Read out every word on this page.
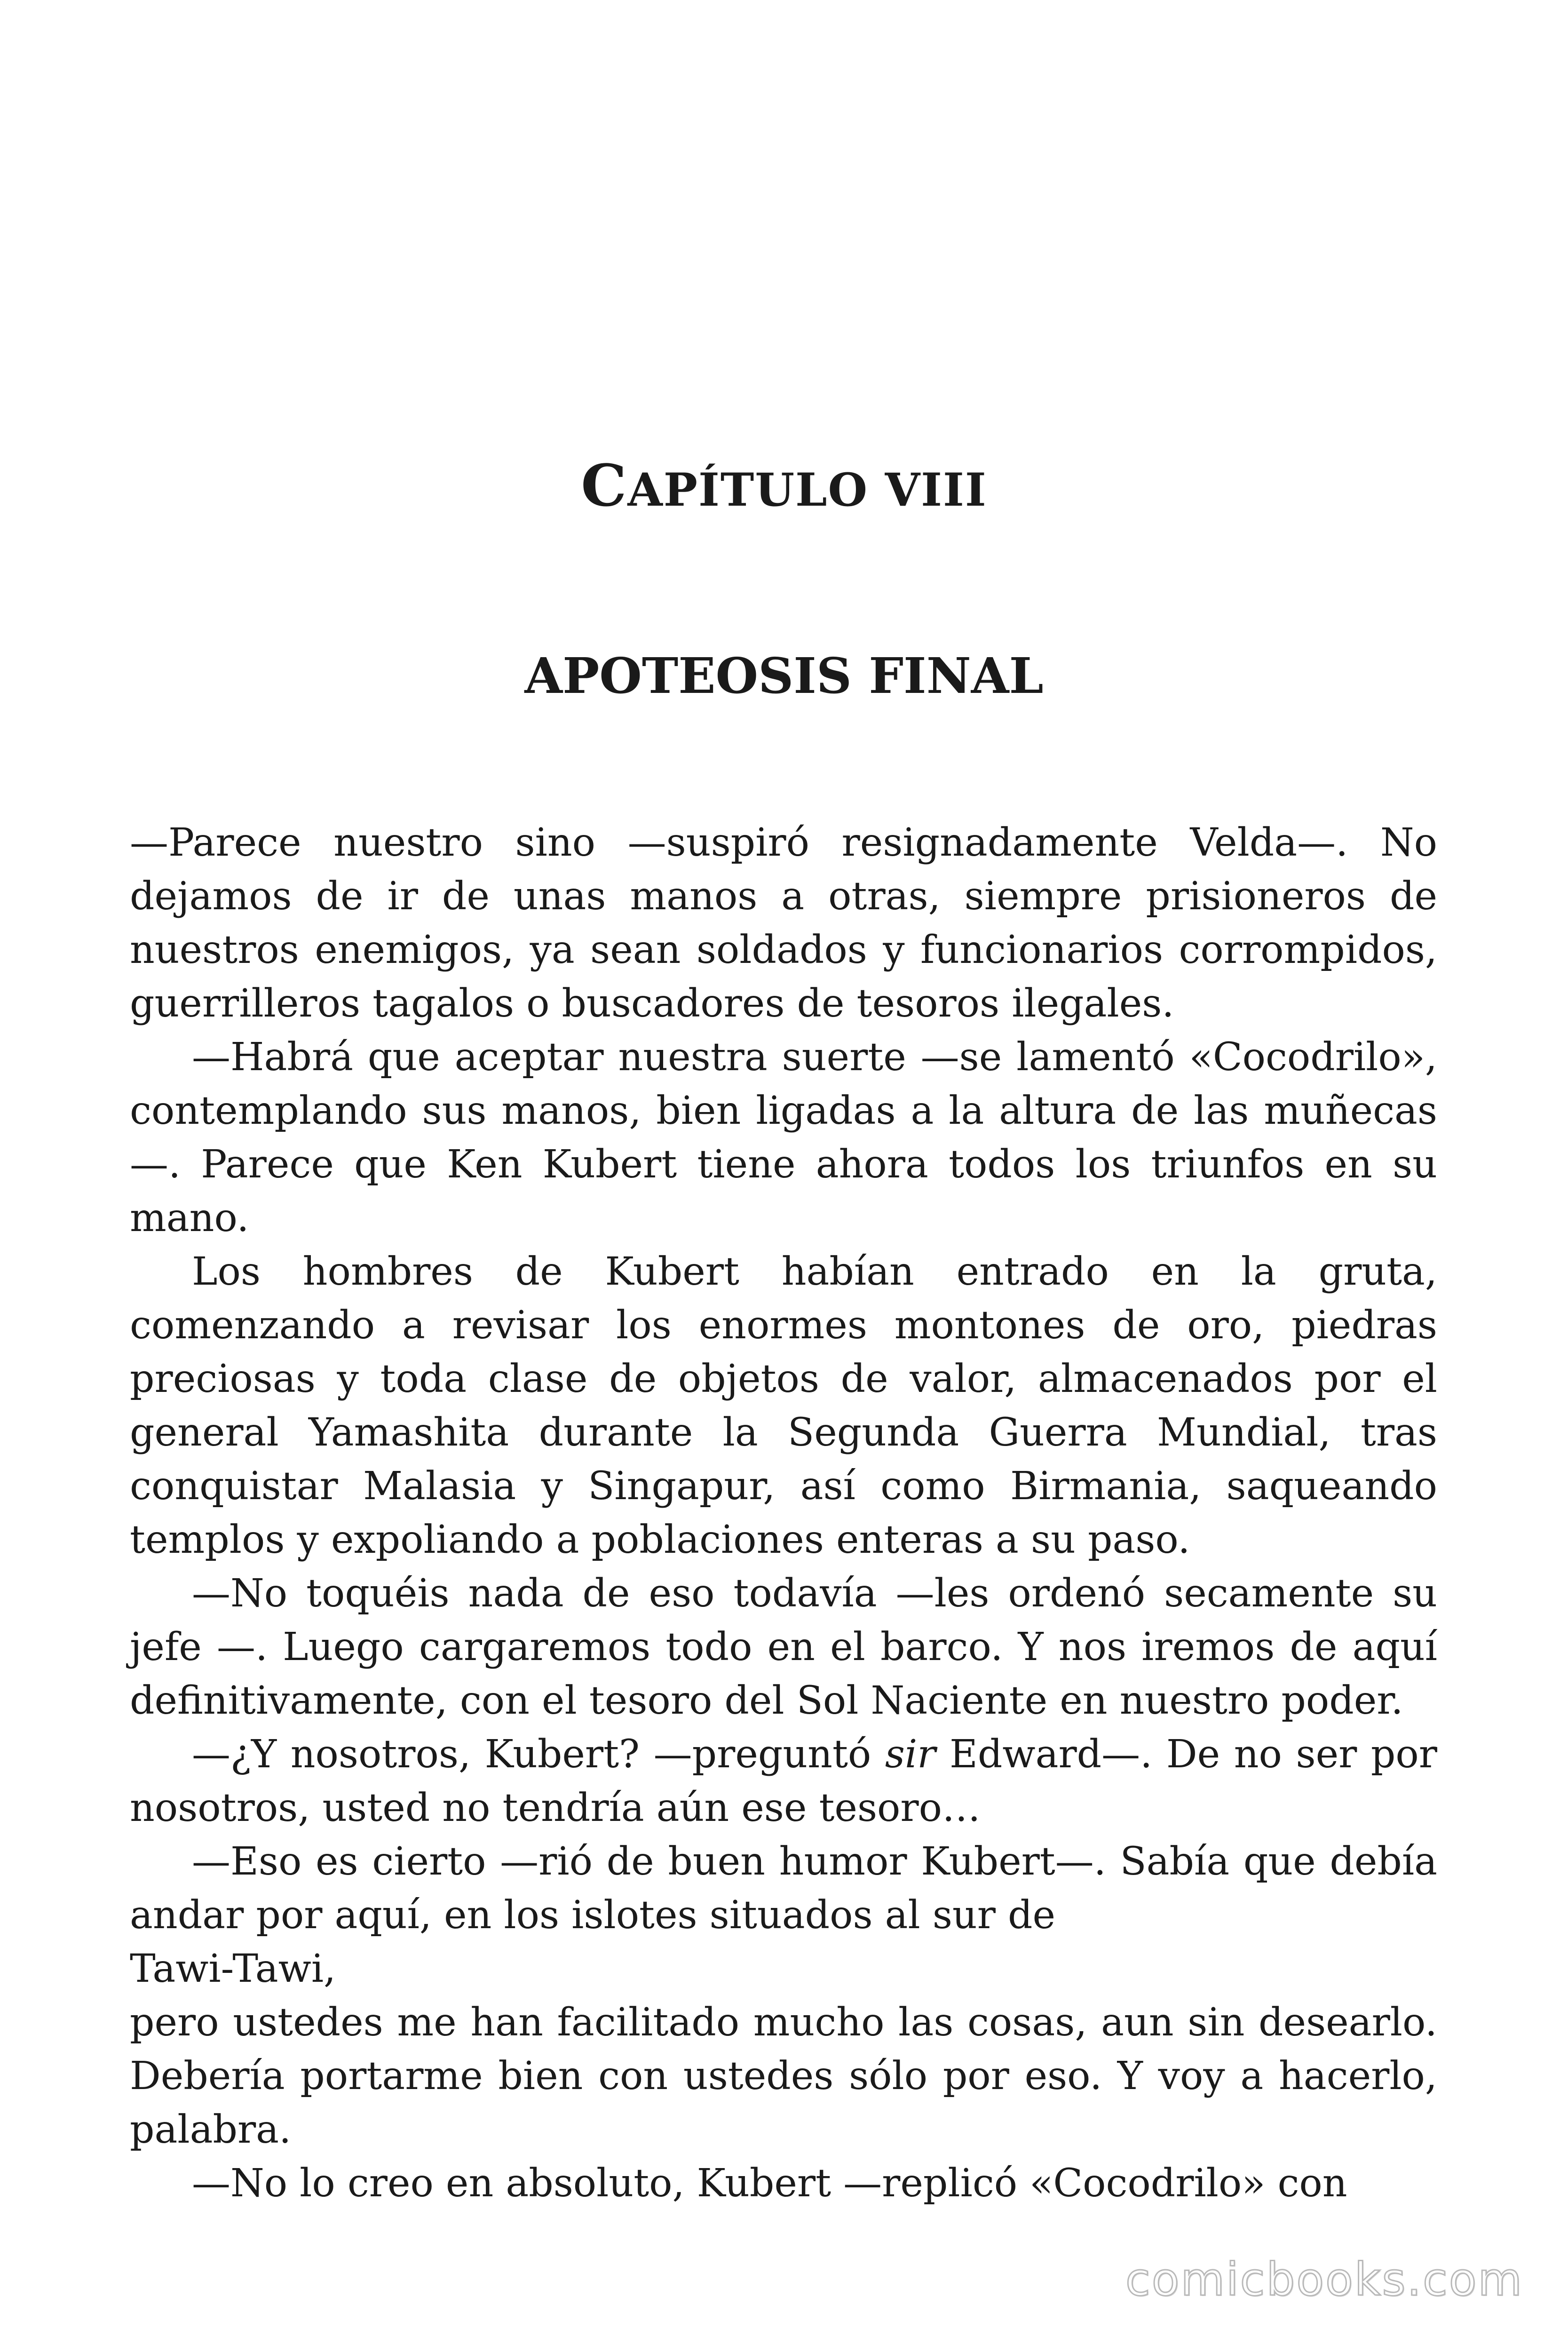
CAPÍTULO VIII
APOTEOSIS FINAL

—Parece nuestro sino —suspiró resignadamente Velda—. No dejamos de ir de unas manos a otras, siempre prisioneros de nuestros enemigos, ya sean soldados y funcionarios corrompidos, guerrilleros tagalos o buscadores de tesoros ilegales.

—Habrá que aceptar nuestra suerte —se lamentó «Cocodrilo», contemplando sus manos, bien ligadas a la altura de las muñecas—. Parece que Ken Kubert tiene ahora todos los triunfos en su mano.

Los hombres de Kubert habían entrado en la gruta, comenzando a revisar los enormes montones de oro, piedras preciosas y toda clase de objetos de valor, almacenados por el general Yamashita durante la Segunda Guerra Mundial, tras conquistar Malasia y Singapur, así como Birmania, saqueando templos y expoliando a poblaciones enteras a su paso.

—No toquéis nada de eso todavía —les ordenó secamente su jefe —. Luego cargaremos todo en el barco. Y nos iremos de aquí definitivamente, con el tesoro del Sol Naciente en nuestro poder.

—¿Y nosotros, Kubert? —preguntó sir Edward—. De no ser por nosotros, usted no tendría aún ese tesoro…

—Eso es cierto —rió de buen humor Kubert—. Sabía que debía andar por aquí, en los islotes situados al sur de

Tawi-Tawi,

pero ustedes me han facilitado mucho las cosas, aun sin desearlo. Debería portarme bien con ustedes sólo por eso. Y voy a hacerlo, palabra.

—No lo creo en absoluto, Kubert —replicó «Cocodrilo» con

comicbooks.com
